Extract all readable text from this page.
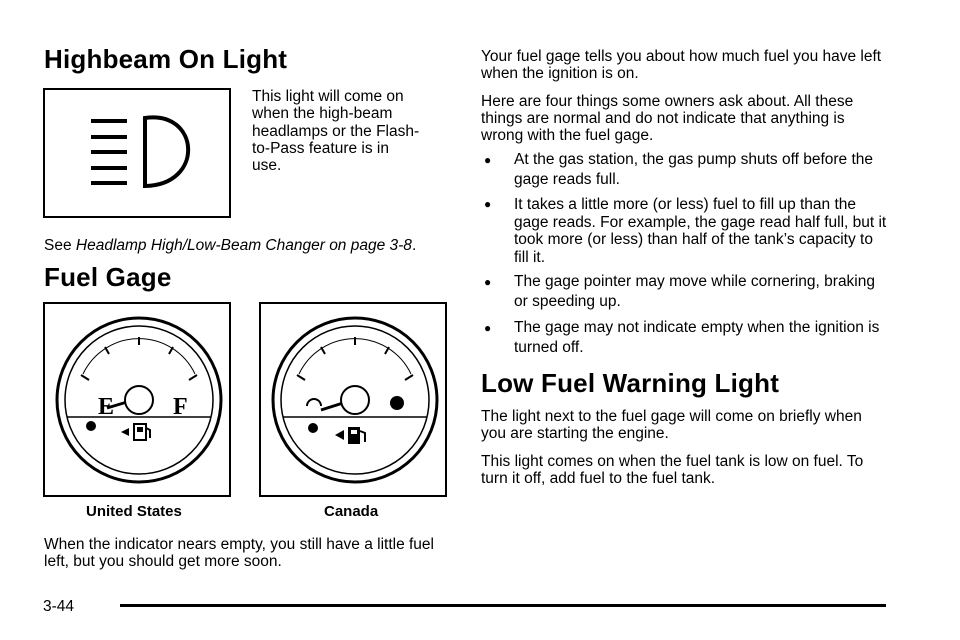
Highbeam On Light

This light will come on when the high-beam headlamps or the Flash-to-Pass feature is in use.

See Headlamp High/Low-Beam Changer on page 3-8.

Fuel Gage
E F
United States	Canada

When the indicator nears empty, you still have a little fuel left, but you should get more soon.

Your fuel gage tells you about how much fuel you have left when the ignition is on.

Here are four things some owners ask about. All these things are normal and do not indicate that anything is wrong with the fuel gage.

●	At the gas station, the gas pump shuts off before the gage reads full.
●	It takes a little more (or less) fuel to fill up than the gage reads. For example, the gage read half full, but it took more (or less) than half of the tank’s capacity to fill it.
●	The gage pointer may move while cornering, braking or speeding up.
●	The gage may not indicate empty when the ignition is turned off.
Low Fuel Warning Light

The light next to the fuel gage will come on briefly when you are starting the engine.

This light comes on when the fuel tank is low on fuel. To turn it off, add fuel to the fuel tank.

3-44
